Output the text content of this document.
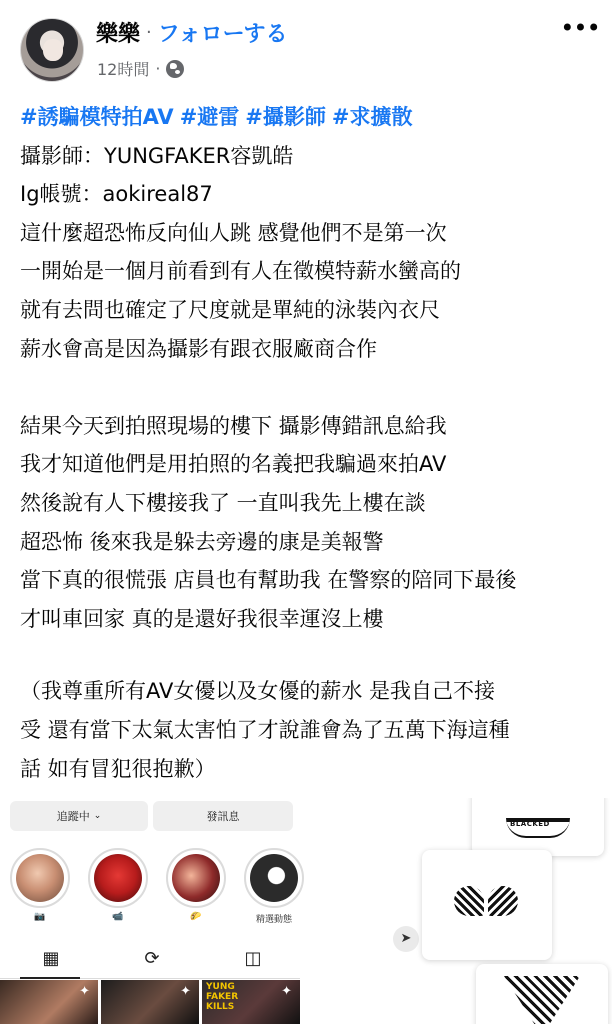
樂樂 · フォローする
12時間 ·
•••
#誘騙模特拍AV #避雷 #攝影師 #求擴散
攝影師：YUNGFAKER容凱皓
Ig帳號：aokireal87
這什麼超恐怖反向仙人跳 感覺他們不是第一次
一開始是一個月前看到有人在徵模特薪水蠻高的
就有去問也確定了尺度就是單純的泳裝內衣尺
薪水會高是因為攝影有跟衣服廠商合作
結果今天到拍照現場的樓下 攝影傳錯訊息給我
我才知道他們是用拍照的名義把我騙過來拍AV
然後說有人下樓接我了 一直叫我先上樓在談
超恐怖 後來我是躲去旁邊的康是美報警
當下真的很慌張 店員也有幫助我 在警察的陪同下最後
才叫車回家 真的是還好我很幸運沒上樓
（我尊重所有AV女優以及女優的薪水 是我自己不接
受 還有當下太氣太害怕了才說誰會為了五萬下海這種
話 如有冒犯很抱歉）
追蹤中 ⌄	發訊息
📷	📹	🌮	精選動態
▦	⟳	◫
✦	✦ YUNG FAKER KILLS
✦
➤
BLACKED
